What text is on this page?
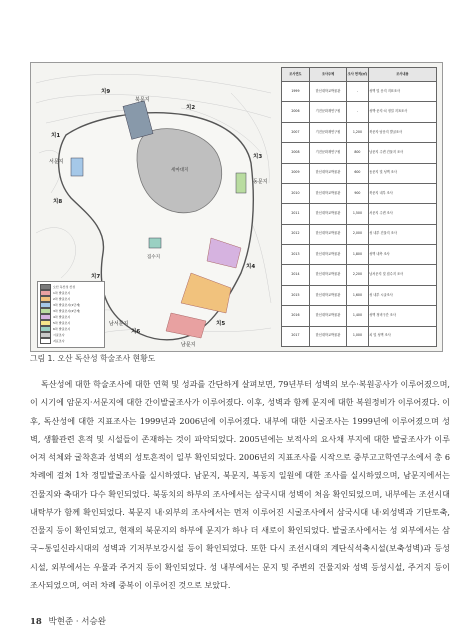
북문지
서문지
동문지
남문지
남서문지
치1
치2
치3
치4
치5
치6
치7
치8
치9
세마대지
집수지
오산 독산성 산성
1차 발굴조사
2차 발굴조사
3차 발굴조사(1단계)
3차 발굴조사(2단계)
4차 발굴조사
5차 발굴조사
6차 발굴조사
시굴조사
지표조사
조사연도	조사주체	조사 면적(㎡)	조사내용
1999	한신대학교박물관	-	성벽 및 문지 지표조사
2006	기전문화재연구원	-	성벽·문지·치 정밀 지표조사
2007	기전문화재연구원	1,200	북문지·남문지 발굴조사
2008	기전문화재연구원	800	남문지 주변 건물지 조사
2009	한신대학교박물관	600	동문지 및 성벽 조사
2010	한신대학교박물관	900	북문지 내부 조사
2011	한신대학교박물관	1,500	서문지 주변 조사
2012	한신대학교박물관	2,000	성 내부 건물지 조사
2013	한신대학교박물관	1,800	성벽 내측 조사
2014	한신대학교박물관	2,200	남서문지 및 집수지 조사
2015	한신대학교박물관	1,600	성 내부 시굴조사
2016	한신대학교박물관	1,400	성벽 정비구간 조사
2017	한신대학교박물관	1,000	치 및 성벽 조사
그림 1. 오산 독산성 학술조사 현황도

독산성에 대한 학술조사에 대한 연혁 및 성과를 간단하게 살펴보면, 79년부터 성벽의 보수·복원공사가 이루어졌으며, 이 시기에 암문지·서문지에 대한 간이발굴조사가 이루어졌다. 이후, 성벽과 함께 문지에 대한 복원정비가 이루어졌다. 이후, 독산성에 대한 지표조사는 1999년과 2006년에 이루어졌다. 내부에 대한 시굴조사는 1999년에 이루어졌으며 성벽, 생활관련 흔적 및 시설들이 존재하는 것이 파악되었다. 2005년에는 보적사의 요사채 부지에 대한 발굴조사가 이루어져 석체와 굴착흔과 성벽의 성토흔적이 일부 확인되었다. 2006년의 지표조사를 시작으로 중부고고학연구소에서 총 6차례에 걸쳐 1차 정밀발굴조사를 실시하였다. 남문지, 북문지, 북동지 일원에 대한 조사를 실시하였으며, 남문지에서는 건물지와 축대가 다수 확인되었다. 북동치의 하부의 조사에서는 삼국시대 성벽이 처음 확인되었으며, 내부에는 조선시대 내탁부가 함께 확인되었다. 북문지 내·외부의 조사에서는 먼저 이루어진 시굴조사에서 삼국시대 내·외성벽과 기단토축, 건물지 등이 확인되었고, 현재의 북문지의 하부에 문지가 하나 더 새로이 확인되었다. 발굴조사에서는 성 외부에서는 삼국~통일신라시대의 성벽과 기저부보강시설 등이 확인되었다. 또한 다시 조선시대의 계단식석축시설(보축성벽)과 등성시설, 외부에서는 우물과 주거지 등이 확인되었다. 성 내부에서는 문지 및 주변의 건물지와 성벽 등성시설, 주거지 등이 조사되었으며, 여러 차례 중복이 이루어진 것으로 보았다.

18 박현준 · 서승완
